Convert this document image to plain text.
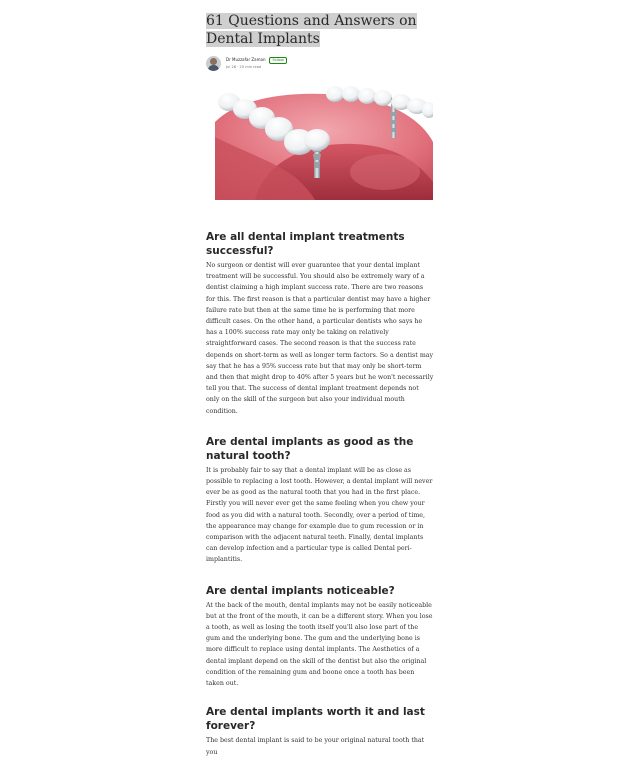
61 Questions and Answers on Dental Implants
Dr Muzzafar Zaman	Follow
Jul 28 · 25 min read
Are all dental implant treatments successful?

No surgeon or dentist will ever guarantee that your dental implant treatment will be successful. You should also be extremely wary of a dentist claiming a high implant success rate. There are two reasons for this. The first reason is that a particular dentist may have a higher failure rate but then at the same time he is performing that more difficult cases. On the other hand, a particular dentists who says he has a 100% success rate may only be taking on relatively straightforward cases. The second reason is that the success rate depends on short-term as well as longer term factors. So a dentist may say that he has a 95% success rate but that may only be short-term and then that might drop to 40% after 5 years but he won't necessarily tell you that. The success of dental implant treatment depends not only on the skill of the surgeon but also your individual mouth condition.

Are dental implants as good as the natural tooth?

It is probably fair to say that a dental implant will be as close as possible to replacing a lost tooth. However, a dental implant will never ever be as good as the natural tooth that you had in the first place. Firstly you will never ever get the same feeling when you chew your food as you did with a natural tooth. Secondly, over a period of time, the appearance may change for example due to gum recession or in comparison with the adjacent natural teeth. Finally, dental implants can develop infection and a particular type is called Dental peri-implantitis.

Are dental implants noticeable?

At the back of the mouth, dental implants may not be easily noticeable but at the front of the mouth, it can be a different story. When you lose a tooth, as well as losing the tooth itself you'll also lose part of the gum and the underlying bone. The gum and the underlying bone is more difficult to replace using dental implants. The Aesthetics of a dental implant depend on the skill of the dentist but also the original condition of the remaining gum and boone once a tooth has been taken out.

Are dental implants worth it and last forever?

The best dental implant is said to be your original natural tooth that you
